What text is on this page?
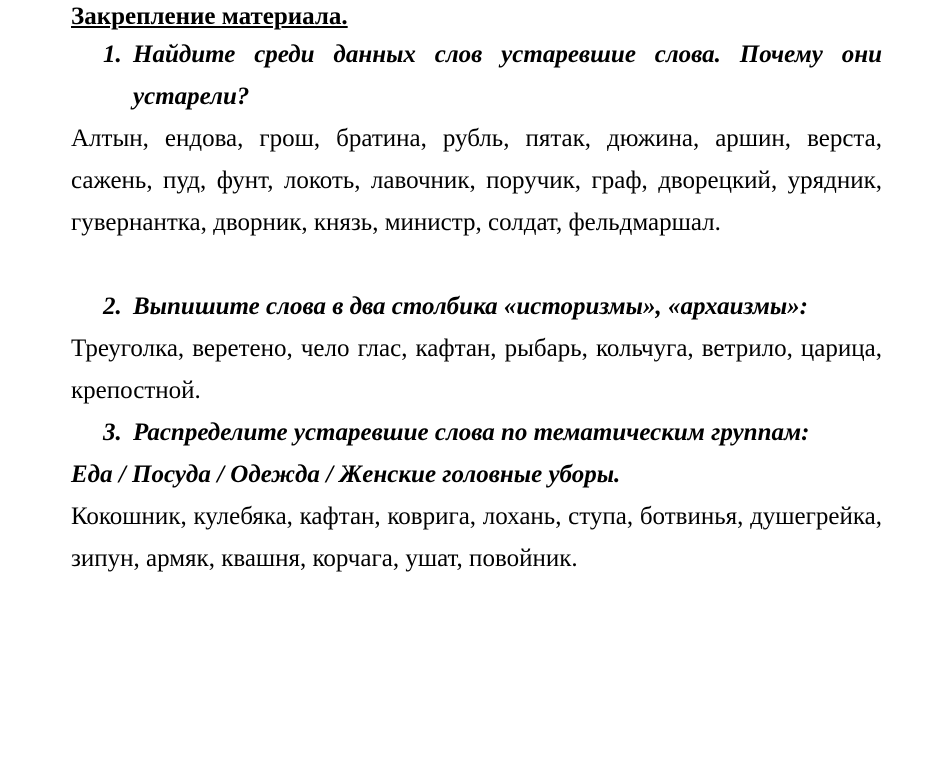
Закрепление материала.

1. Найдите среди данных слов устаревшие слова. Почему они устарели?

Алтын, ендова, грош, братина, рубль, пятак, дюжина, аршин, верста, сажень, пуд, фунт, локоть, лавочник, поручик, граф, дворецкий, урядник, гувернантка, дворник, князь, министр, солдат, фельдмаршал.

2. Выпишите слова в два столбика «историзмы», «архаизмы»:

Треуголка, веретено, чело глас, кафтан, рыбарь, кольчуга, ветрило, царица, крепостной.

3. Распределите устаревшие слова по тематическим группам:

Еда / Посуда / Одежда / Женские головные уборы.

Кокошник, кулебяка, кафтан, коврига, лохань, ступа, ботвинья, душегрейка, зипун, армяк, квашня, корчага, ушат, повойник.
